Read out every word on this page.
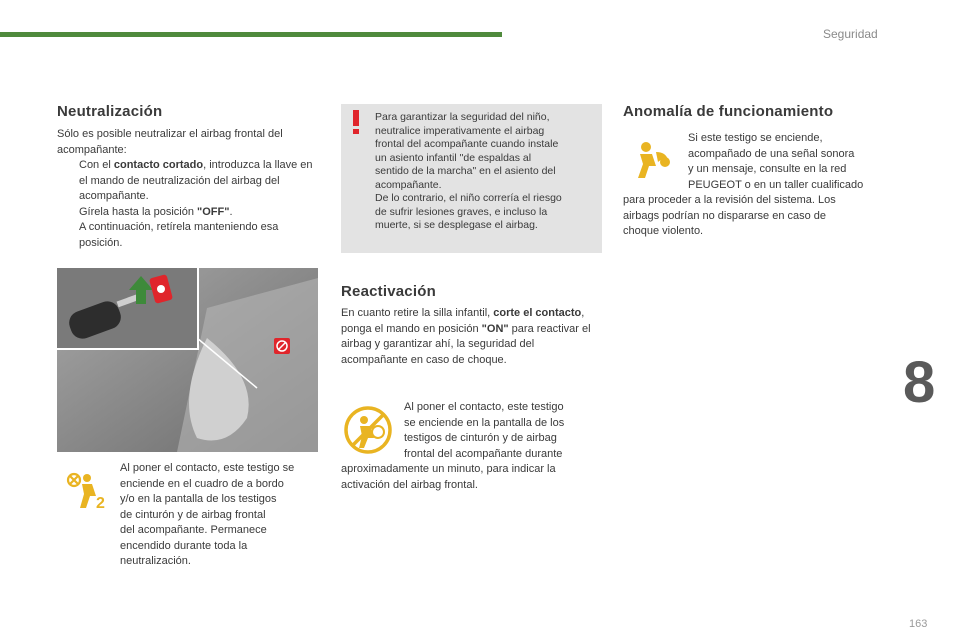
Seguridad
8
163
Neutralización
Sólo es posible neutralizar el airbag frontal del acompañante:
Con el contacto cortado, introduzca la llave en el mando de neutralización del airbag del acompañante.
Gírela hasta la posición "OFF".
A continuación, retírela manteniendo esa posición.
2
Al poner el contacto, este testigo se
enciende en el cuadro de a bordo
y/o en la pantalla de los testigos
de cinturón y de airbag frontal
del acompañante. Permanece
encendido durante toda la
neutralización.
Para garantizar la seguridad del niño,
neutralice imperativamente el airbag
frontal del acompañante cuando instale
un asiento infantil "de espaldas al
sentido de la marcha" en el asiento del
acompañante.
De lo contrario, el niño correría el riesgo
de sufrir lesiones graves, e incluso la
muerte, si se desplegase el airbag.
Reactivación
En cuanto retire la silla infantil, corte el contacto, ponga el mando en posición "ON" para reactivar el airbag y garantizar ahí, la seguridad del acompañante en caso de choque.
Al poner el contacto, este testigo
se enciende en la pantalla de los
testigos de cinturón y de airbag
frontal del acompañante durante
aproximadamente un minuto, para indicar la
activación del airbag frontal.
Anomalía de funcionamiento
Si este testigo se enciende,
acompañado de una señal sonora
y un mensaje, consulte en la red
PEUGEOT o en un taller cualificado
para proceder a la revisión del sistema. Los
airbags podrían no dispararse en caso de
choque violento.
